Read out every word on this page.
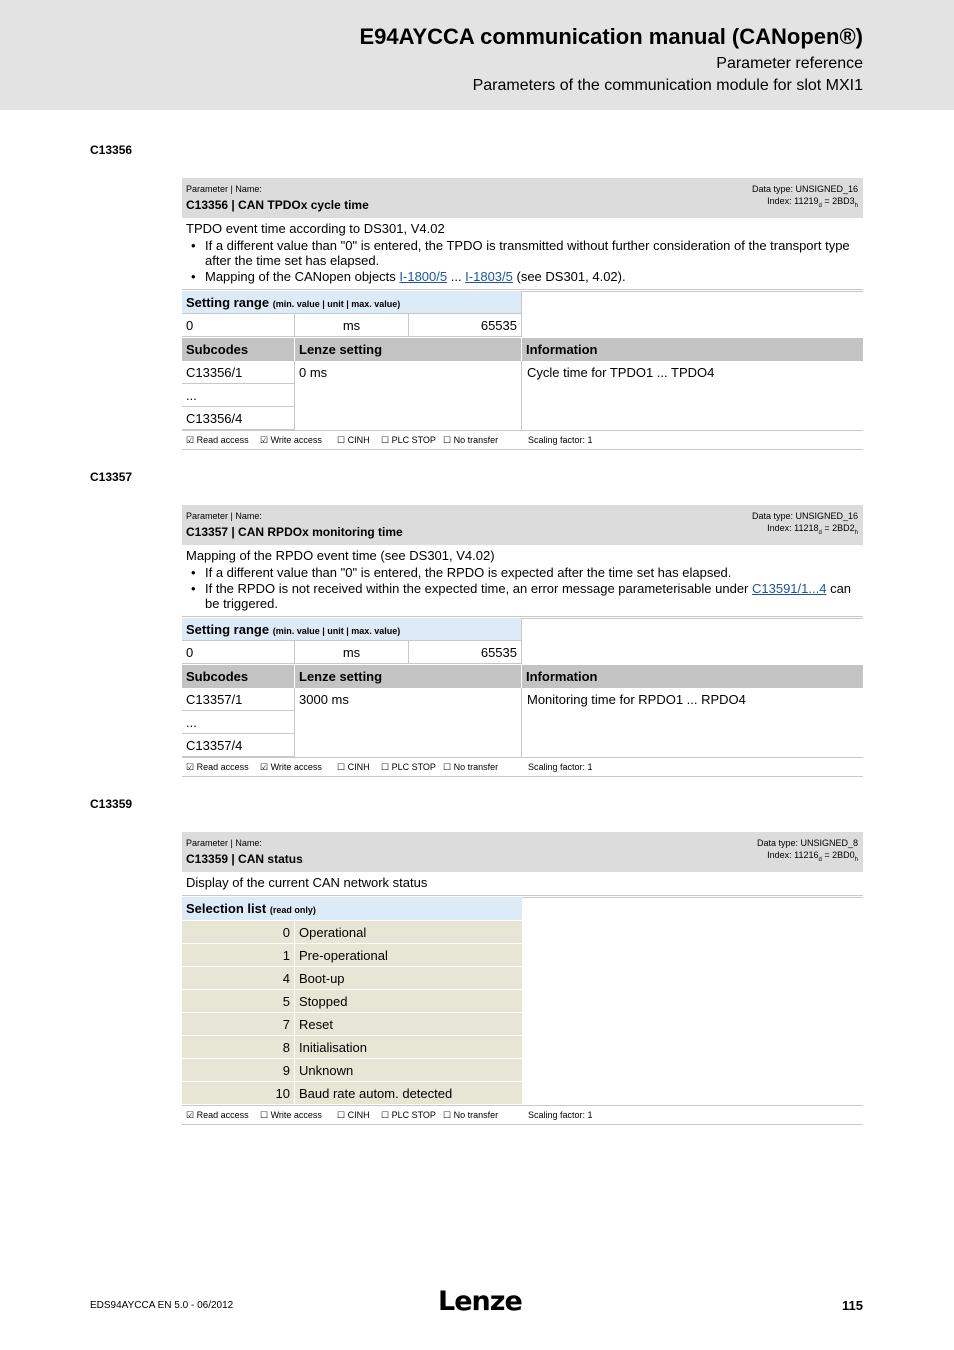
E94AYCCA communication manual (CANopen®)
Parameter reference
Parameters of the communication module for slot MXI1
C13356
Parameter | Name:
C13356 | CAN TPDOx cycle time
Data type: UNSIGNED_16
Index: $11219_d = 2BD3_h$
TPDO event time according to DS301, V4.02
• If a different value than "0" is entered, the TPDO is transmitted without further consideration of the transport type after the time set has elapsed.
• Mapping of the CANopen objects I-1800/5 ... I-1803/5 (see DS301, 4.02).
Setting range (min. value | unit | max. value)
0	ms	65535
Subcodes	Lenze setting	Information
C13356/1
...
C13356/4
0 ms	Cycle time for TPDO1 ... TPDO4
☑ Read access ☑ Write access ☐ CINH ☐ PLC STOP ☐ No transfer	Scaling factor: 1
C13357
Parameter | Name:
C13357 | CAN RPDOx monitoring time
Data type: UNSIGNED_16
Index: $11218_d = 2BD2_h$
Mapping of the RPDO event time (see DS301, V4.02)
• If a different value than "0" is entered, the RPDO is expected after the time set has elapsed.
• If the RPDO is not received within the expected time, an error message parameterisable under C13591/1...4 can be triggered.
Setting range (min. value | unit | max. value)
0	ms	65535
Subcodes	Lenze setting	Information
C13357/1
...
C13357/4
3000 ms	Monitoring time for RPDO1 ... RPDO4
☑ Read access ☑ Write access ☐ CINH ☐ PLC STOP ☐ No transfer	Scaling factor: 1
C13359
Parameter | Name:
C13359 | CAN status
Data type: UNSIGNED_8
Index: $11216_d = 2BD0_h$
Display of the current CAN network status
Selection list (read only)
0 Operational
1 Pre-operational
4 Boot-up
5 Stopped
7 Reset
8 Initialisation
9 Unknown
10 Baud rate autom. detected
☑ Read access ☐ Write access ☐ CINH ☐ PLC STOP ☐ No transfer	Scaling factor: 1
EDS94AYCCA EN 5.0 - 06/2012	Lenze	115
